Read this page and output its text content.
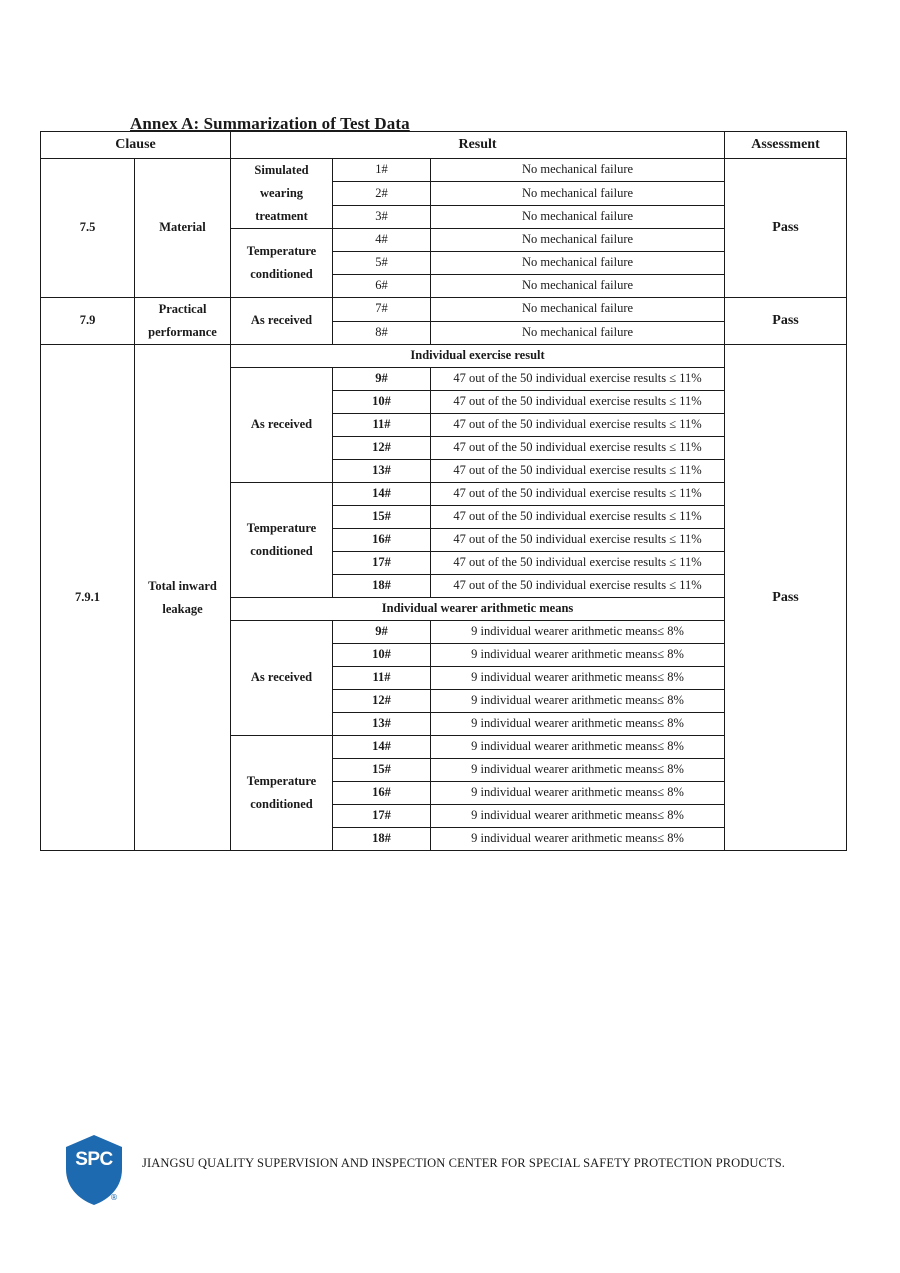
Annex A: Summarization of Test Data
Clause		Result			Assessment
7.5	Material	Simulated wearing treatment	1#	No mechanical failure	Pass
			2#	No mechanical failure	
			3#	No mechanical failure	
		Temperature conditioned	4#	No mechanical failure	
			5#	No mechanical failure	
			6#	No mechanical failure	
7.9	Practical performance	As received	7#	No mechanical failure	Pass
			8#	No mechanical failure	
7.9.1	Total inward leakage	Individual exercise result			Pass
		As received	9#	47 out of the 50 individual exercise results ≤ 11%	
			10#	47 out of the 50 individual exercise results ≤ 11%	
			11#	47 out of the 50 individual exercise results ≤ 11%	
			12#	47 out of the 50 individual exercise results ≤ 11%	
			13#	47 out of the 50 individual exercise results ≤ 11%	
		Temperature conditioned	14#	47 out of the 50 individual exercise results ≤ 11%	
			15#	47 out of the 50 individual exercise results ≤ 11%	
			16#	47 out of the 50 individual exercise results ≤ 11%	
			17#	47 out of the 50 individual exercise results ≤ 11%	
			18#	47 out of the 50 individual exercise results ≤ 11%	
		Individual wearer arithmetic means			
		As received	9#	9 individual wearer arithmetic means≤ 8%	
			10#	9 individual wearer arithmetic means≤ 8%	
			11#	9 individual wearer arithmetic means≤ 8%	
			12#	9 individual wearer arithmetic means≤ 8%	
			13#	9 individual wearer arithmetic means≤ 8%	
		Temperature conditioned	14#	9 individual wearer arithmetic means≤ 8%	
			15#	9 individual wearer arithmetic means≤ 8%	
			16#	9 individual wearer arithmetic means≤ 8%	
			17#	9 individual wearer arithmetic means≤ 8%	
			18#	9 individual wearer arithmetic means≤ 8%	
SPC
®
JIANGSU QUALITY SUPERVISION AND INSPECTION CENTER FOR SPECIAL SAFETY PROTECTION PRODUCTS.
